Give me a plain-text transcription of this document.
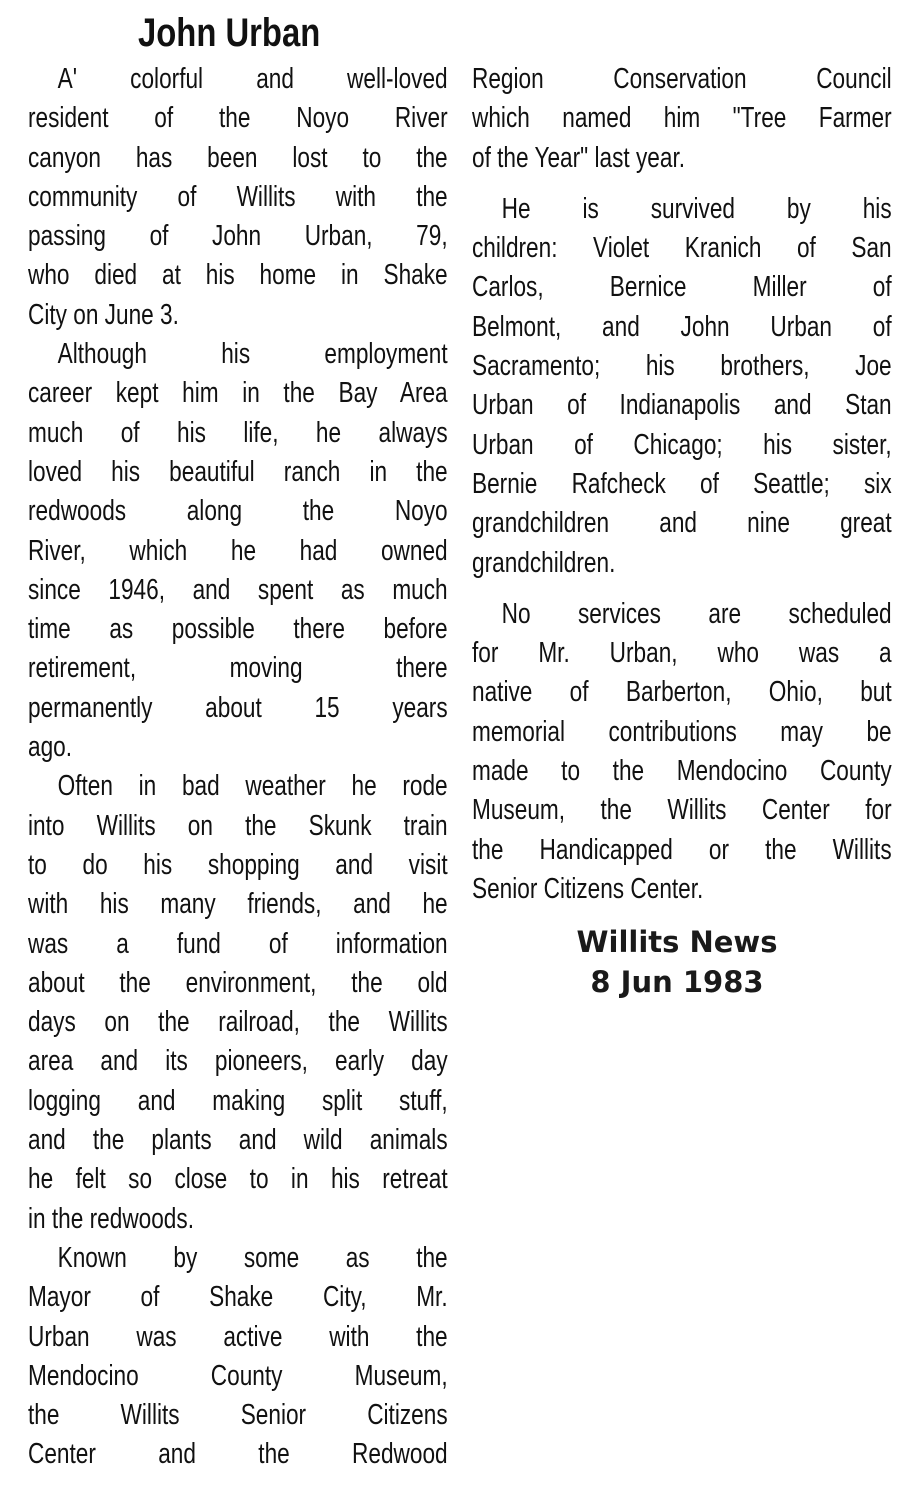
John Urban
A' colorful and well-loved
resident of the Noyo River
canyon has been lost to the
community of Willits with the
passing of John Urban, 79,
who died at his home in Shake
City on June 3.
Although his employment
career kept him in the Bay Area
much of his life, he always
loved his beautiful ranch in the
redwoods along the Noyo
River, which he had owned
since 1946, and spent as much
time as possible there before
retirement, moving there
permanently about 15 years
ago.
Often in bad weather he rode
into Willits on the Skunk train
to do his shopping and visit
with his many friends, and he
was a fund of information
about the environment, the old
days on the railroad, the Willits
area and its pioneers, early day
logging and making split stuff,
and the plants and wild animals
he felt so close to in his retreat
in the redwoods.
Known by some as the
Mayor of Shake City, Mr.
Urban was active with the
Mendocino County Museum,
the Willits Senior Citizens
Center and the Redwood
Region Conservation Council
which named him "Tree Farmer
of the Year" last year.
He is survived by his
children: Violet Kranich of San
Carlos, Bernice Miller of
Belmont, and John Urban of
Sacramento; his brothers, Joe
Urban of Indianapolis and Stan
Urban of Chicago; his sister,
Bernie Rafcheck of Seattle; six
grandchildren and nine great
grandchildren.
No services are scheduled
for Mr. Urban, who was a
native of Barberton, Ohio, but
memorial contributions may be
made to the Mendocino County
Museum, the Willits Center for
the Handicapped or the Willits
Senior Citizens Center.
Willits News
8 Jun 1983
